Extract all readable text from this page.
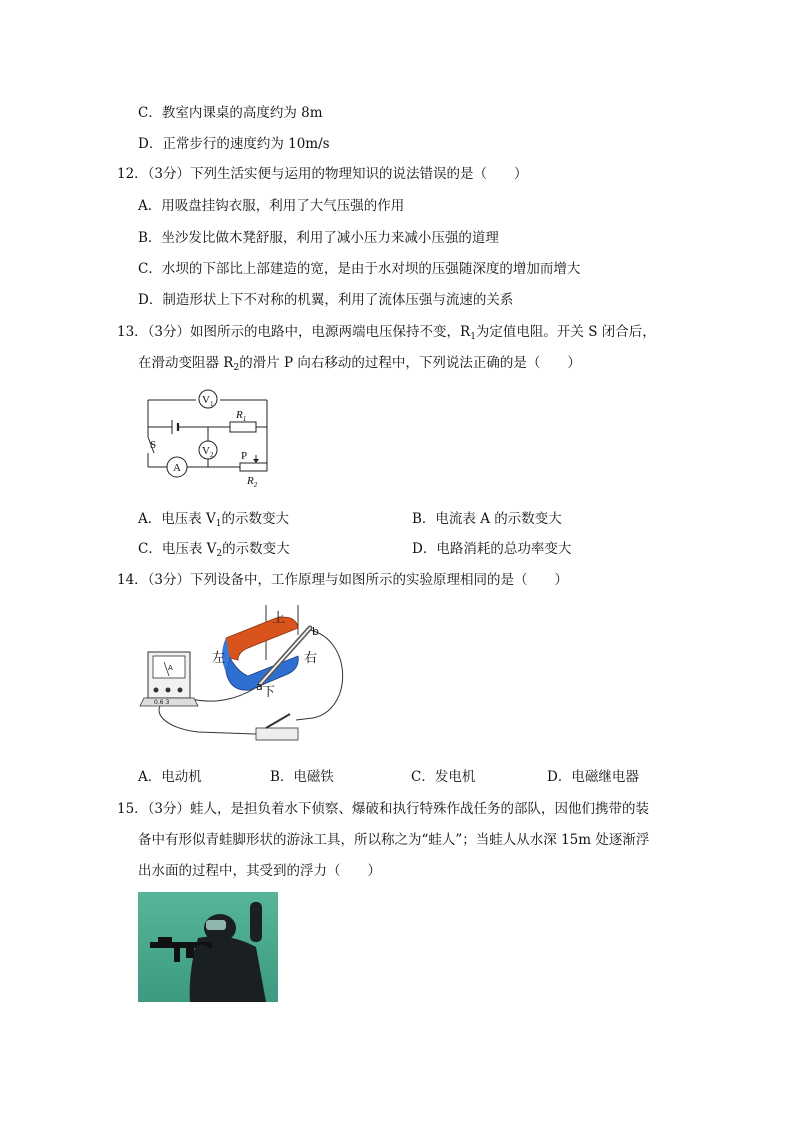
C．教室内课桌的高度约为 8m
D．正常步行的速度约为 10m/s
12．（3分）下列生活实便与运用的物理知识的说法错误的是（　　）
A．用吸盘挂钩衣服，利用了大气压强的作用
B．坐沙发比做木凳舒服，利用了减小压力来减小压强的道理
C．水坝的下部比上部建造的宽，是由于水对坝的压强随深度的增加而增大
D．制造形状上下不对称的机翼，利用了流体压强与流速的关系
13．（3分）如图所示的电路中，电源两端电压保持不变，$R_1$为定值电阻。开关 S 闭合后，
在滑动变阻器 $R_2$的滑片 P 向右移动的过程中，下列说法正确的是（　　）
$V_1$
$V_2$
A
$R_1$
$R_2$
S
P
A．电压表 $V_1$的示数变大	B．电流表 A 的示数变大
C．电压表 $V_2$的示数变大	D．电路消耗的总功率变大
14．（3分）下列设备中，工作原理与如图所示的实验原理相同的是（　　）
上
下
左	右
a
b
A
0.6 3
A．电动机	B．电磁铁	C．发电机	D．电磁继电器
15．（3分）蛙人，是担负着水下侦察、爆破和执行特殊作战任务的部队，因他们携带的装
备中有形似青蛙脚形状的游泳工具，所以称之为“蛙人”；当蛙人从水深 15m 处逐渐浮
出水面的过程中，其受到的浮力（　　）
